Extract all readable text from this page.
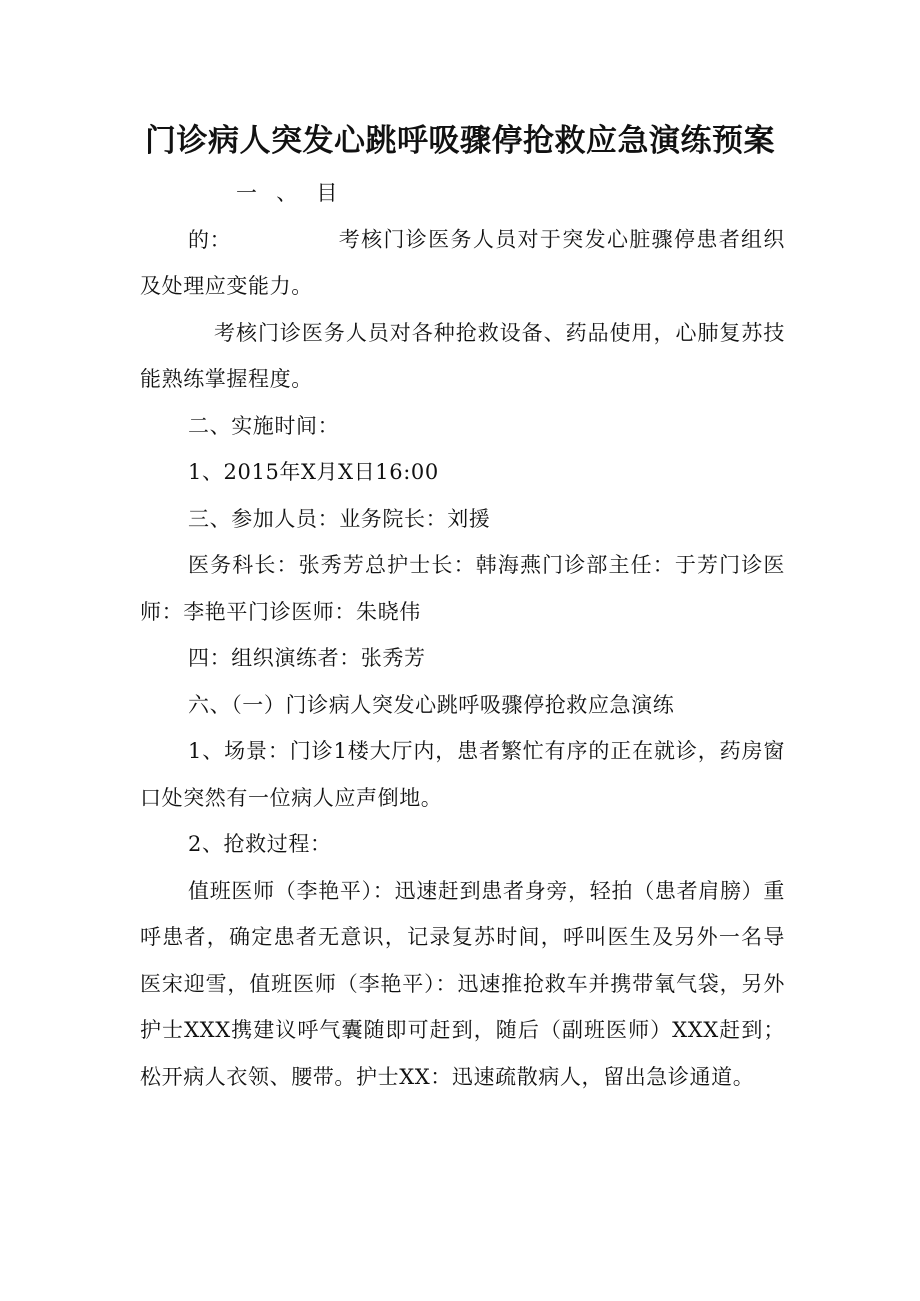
门诊病人突发心跳呼吸骤停抢救应急演练预案

一、目的：	考核门诊医务人员对于突发心脏骤停患者组织及处理应变能力。

考核门诊医务人员对各种抢救设备、药品使用，心肺复苏技能熟练掌握程度。

二、实施时间：

1、2015年X月X日16:00

三、参加人员：业务院长：刘援

医务科长：张秀芳总护士长：韩海燕门诊部主任：于芳门诊医师：李艳平门诊医师：朱晓伟

四：组织演练者：张秀芳

六、（一）门诊病人突发心跳呼吸骤停抢救应急演练

1、场景：门诊1楼大厅内，患者繁忙有序的正在就诊，药房窗口处突然有一位病人应声倒地。

2、抢救过程：

值班医师（李艳平）：迅速赶到患者身旁，轻拍（患者肩膀）重呼患者，确定患者无意识，记录复苏时间，呼叫医生及另外一名导医宋迎雪，值班医师（李艳平）：迅速推抢救车并携带氧气袋，另外护士XXX携建议呼气囊随即可赶到，随后（副班医师）XXX赶到；松开病人衣领、腰带。护士XX：迅速疏散病人，留出急诊通道。
